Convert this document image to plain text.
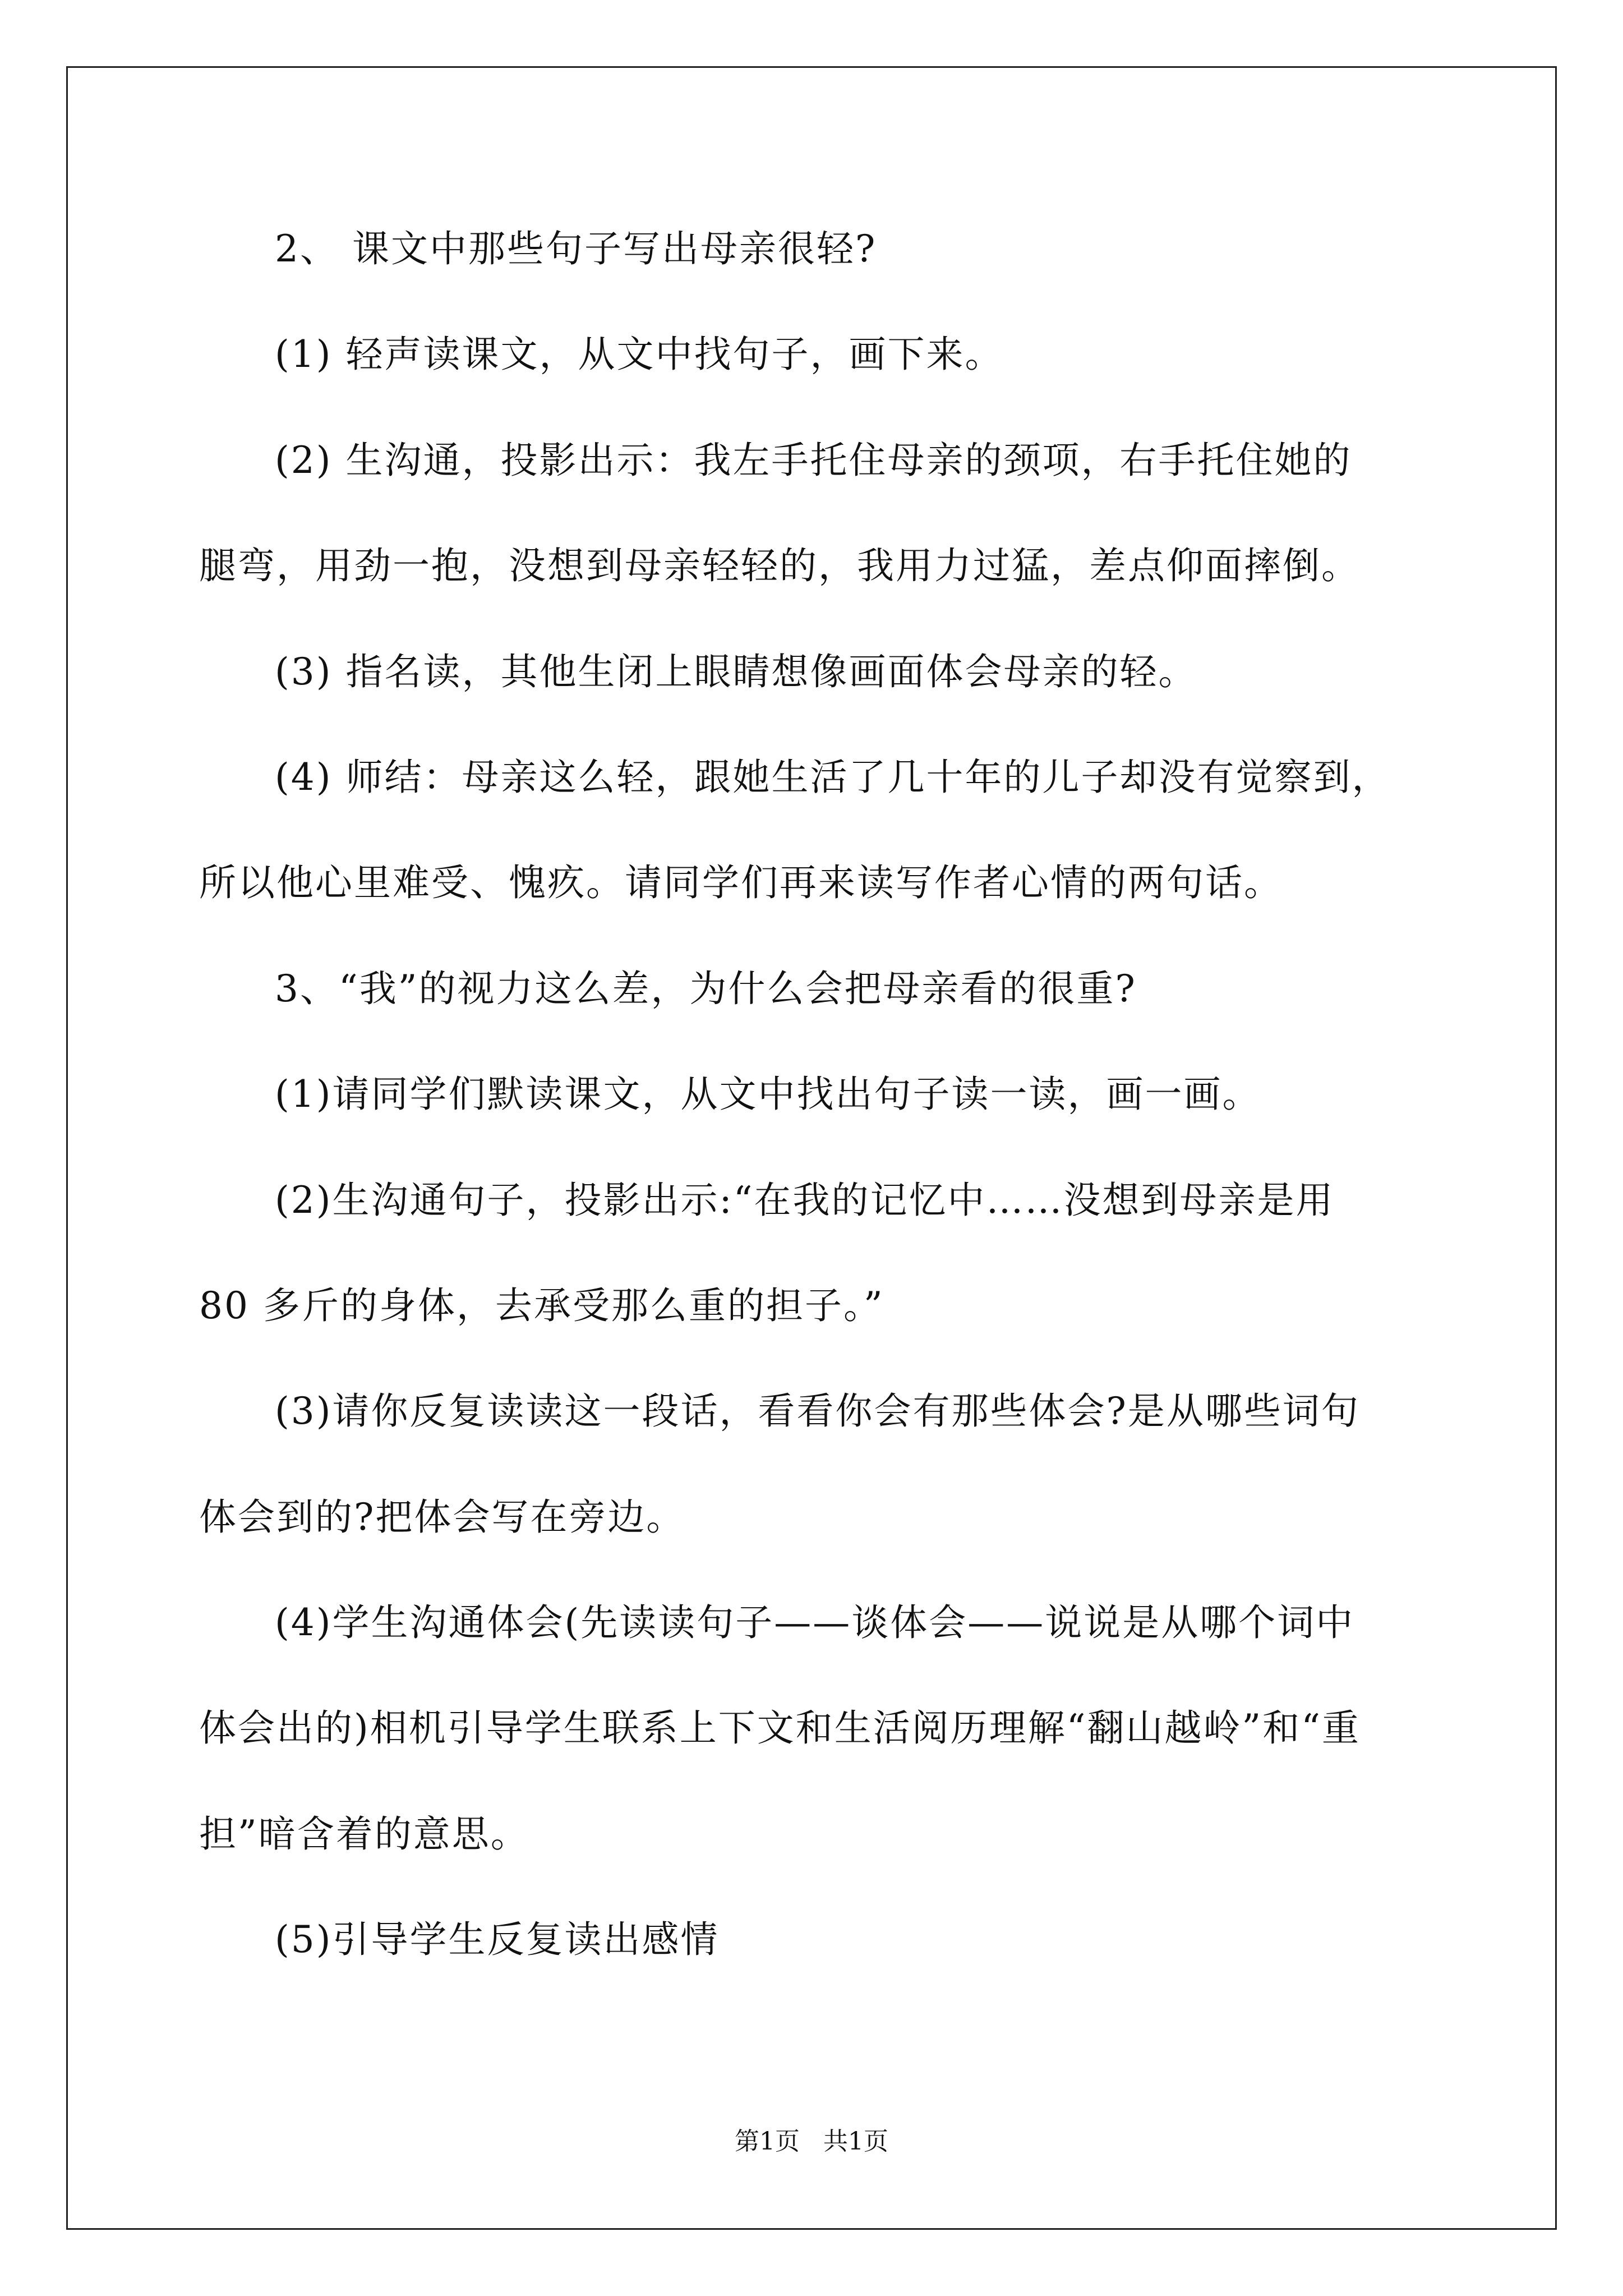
2、 课文中那些句子写出母亲很轻?
(1) 轻声读课文，从文中找句子，画下来。
(2) 生沟通，投影出示：我左手托住母亲的颈项，右手托住她的
腿弯，用劲一抱，没想到母亲轻轻的，我用力过猛，差点仰面摔倒。
(3) 指名读，其他生闭上眼睛想像画面体会母亲的轻。
(4) 师结：母亲这么轻，跟她生活了几十年的儿子却没有觉察到，
所以他心里难受、愧疚。请同学们再来读写作者心情的两句话。
3、“我”的视力这么差，为什么会把母亲看的很重?
(1)请同学们默读课文，从文中找出句子读一读，画一画。
(2)生沟通句子，投影出示:“在我的记忆中……没想到母亲是用
80 多斤的身体，去承受那么重的担子。”
(3)请你反复读读这一段话，看看你会有那些体会?是从哪些词句
体会到的?把体会写在旁边。
(4)学生沟通体会(先读读句子——谈体会——说说是从哪个词中
体会出的)相机引导学生联系上下文和生活阅历理解“翻山越岭”和“重
担”暗含着的意思。
(5)引导学生反复读出感情
第1页   共1页
